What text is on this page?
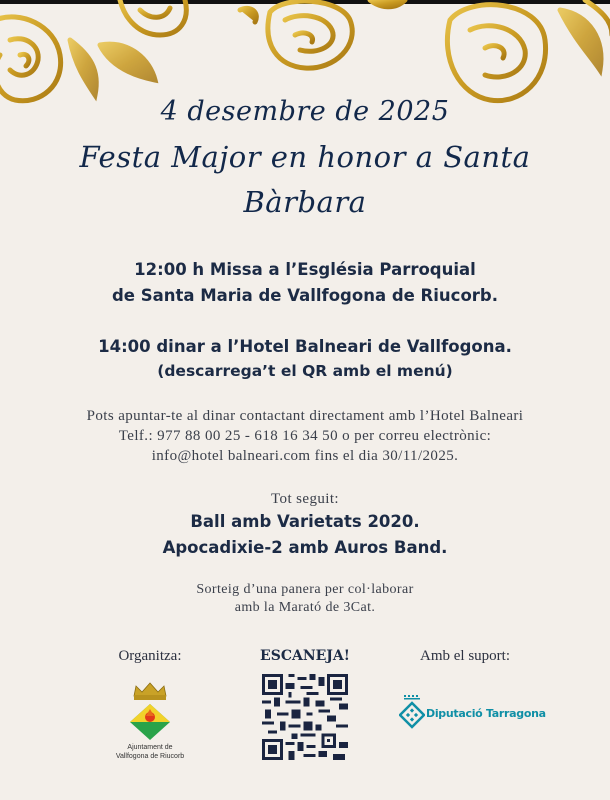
4 desembre de 2025
Festa Major en honor a Santa
Bàrbara
12:00 h Missa a l’Església Parroquial
de Santa Maria de Vallfogona de Riucorb.
14:00 dinar a l’Hotel Balneari de Vallfogona.
(descarrega’t el QR amb el menú)
Pots apuntar-te al dinar contactant directament amb l’Hotel Balneari
Telf.: 977 88 00 25 - 618 16 34 50 o per correu electrònic:
info@hotel balneari.com fins el dia 30/11/2025.
Tot seguit:
Ball amb Varietats 2020.
Apocadixie-2 amb Auros Band.
Sorteig d’una panera per col·laborar
amb la Marató de 3Cat.
Organitza:
Ajuntament de
Vallfogona de Riucorb
ESCANEJA!	Amb el suport:
Diputació Tarragona
